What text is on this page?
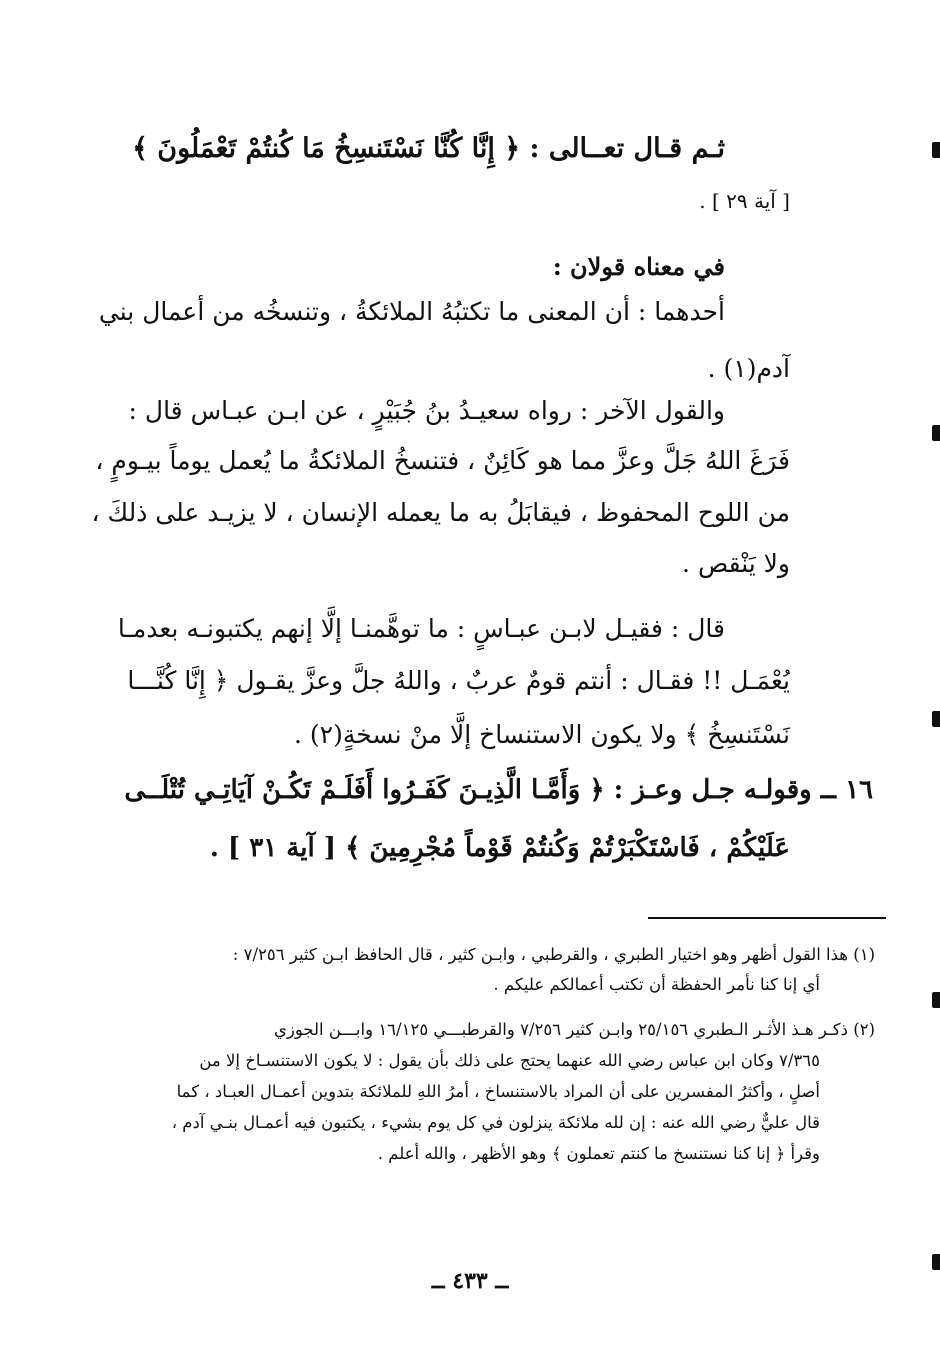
ثـم قـال تعــالى : ﴿ إِنَّا كُنَّا نَسْتَنسِخُ مَا كُنتُمْ تَعْمَلُونَ ﴾
[ آية ٢٩ ] .
في معناه قولان :
أحدهما : أن المعنى ما تكتبُهُ الملائكةُ ، وتنسخُه من أعمال بني
آدم(١) .
والقول الآخر : رواه سعيـدُ بنُ جُبَيْرٍ ، عن ابـن عبـاس قال :
فَرَغَ اللهُ جَلَّ وعزَّ مما هو كَائِنٌ ، فتنسخُ الملائكةُ ما يُعمل يوماً بيـومٍ ،
من اللوح المحفوظ ، فيقابَلُ به ما يعمله الإنسان ، لا يزيـد على ذلكَ ،
ولا يَنْقص .
قال : فقيـل لابـن عبـاسٍ : ما توهَّمنـا إلَّا إنهم يكتبونـه بعدمـا
يُعْمَـل !! فقـال : أنتم قومٌ عربٌ ، واللهُ جلَّ وعزَّ يقـول ﴿ إِنَّا كُنَّـــا
نَسْتَنسِخُ ﴾ ولا يكون الاستنساخ إلَّا منْ نسخةٍ(٢) .
١٦ ــ وقولـه جـل وعـز : ﴿ وَأَمَّـا الَّذِيـنَ كَفَـرُوا أَفَلَـمْ تَكُـنْ آيَاتِـي تُتْلَــى
عَلَيْكُمْ ، فَاسْتَكْبَرْتُمْ وَكُنتُمْ قَوْماً مُجْرِمِينَ ﴾ [ آية ٣١ ] .
(١) هذا القول أظهر وهو اختيار الطبري ، والقرطبي ، وابـن كثير ، قال الحافظ ابـن كثير ٧/٢٥٦ :
أي إنا كنا نأمر الحفظة أن تكتب أعمالكم عليكم .
(٢) ذكـر هـذ الأثـر الـطبري ٢٥/١٥٦ وابـن كثير ٧/٢٥٦ والقرطبـــي ١٦/١٢٥ وابـــن الجوزي
٧/٣٦٥ وكان ابن عباس رضي الله عنهما يحتج على ذلك بأن يقول : لا يكون الاستنسـاخ إلا من
أصلٍ ، وأكثرُ المفسرين على أن المراد بالاستنساخ ، أمرُ اللهِ للملائكة بتدوين أعمـال العبـاد ، كما
قال عليٌّ رضي الله عنه : إن لله ملائكة ينزلون في كل يوم بشيء ، يكتبون فيه أعمـال بنـي آدم ،
وقرأ ﴿ إنا كنا نستنسخ ما كنتم تعملون ﴾ وهو الأظهر ، والله أعلم .
ــ ٤٣٣ ــ
